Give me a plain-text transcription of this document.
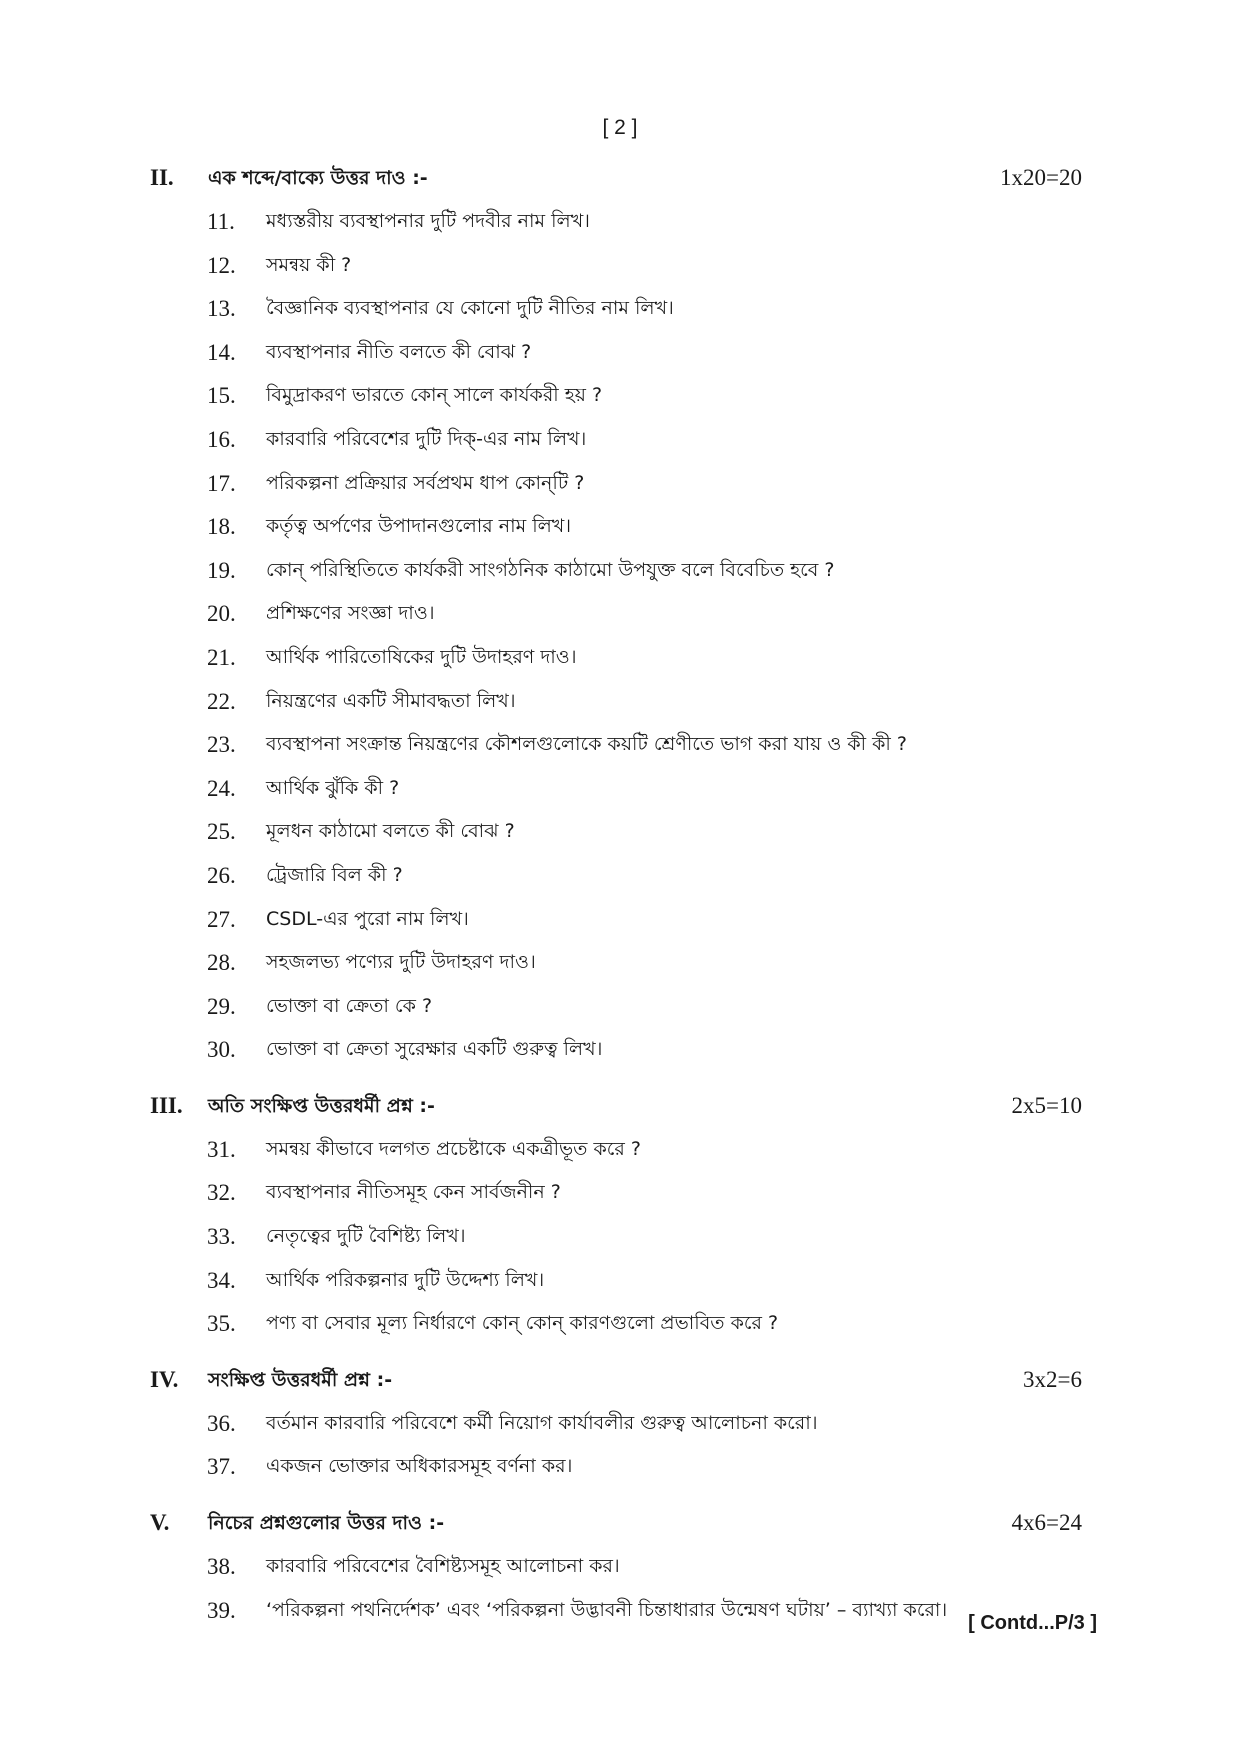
[ 2 ]
II. এক শব্দে/বাক্যে উত্তর দাও :-	1x20=20
11. মধ্যস্তরীয় ব্যবস্থাপনার দুটি পদবীর নাম লিখ।
12. সমন্বয় কী ?
13. বৈজ্ঞানিক ব্যবস্থাপনার যে কোনো দুটি নীতির নাম লিখ।
14. ব্যবস্থাপনার নীতি বলতে কী বোঝ ?
15. বিমুদ্রাকরণ ভারতে কোন্ সালে কার্যকরী হয় ?
16. কারবারি পরিবেশের দুটি দিক্-এর নাম লিখ।
17. পরিকল্পনা প্রক্রিয়ার সর্বপ্রথম ধাপ কোন্‌টি ?
18. কর্তৃত্ব অর্পণের উপাদানগুলোর নাম লিখ।
19. কোন্ পরিস্থিতিতে কার্যকরী সাংগঠনিক কাঠামো উপযুক্ত বলে বিবেচিত হবে ?
20. প্রশিক্ষণের সংজ্ঞা দাও।
21. আর্থিক পারিতোষিকের দুটি উদাহরণ দাও।
22. নিয়ন্ত্রণের একটি সীমাবদ্ধতা লিখ।
23. ব্যবস্থাপনা সংক্রান্ত নিয়ন্ত্রণের কৌশলগুলোকে কয়টি শ্রেণীতে ভাগ করা যায় ও কী কী ?
24. আর্থিক ঝুঁকি কী ?
25. মূলধন কাঠামো বলতে কী বোঝ ?
26. ট্রেজারি বিল কী ?
27. CSDL-এর পুরো নাম লিখ।
28. সহজলভ্য পণ্যের দুটি উদাহরণ দাও।
29. ভোক্তা বা ক্রেতা কে ?
30. ভোক্তা বা ক্রেতা সুরেক্ষার একটি গুরুত্ব লিখ।
III. অতি সংক্ষিপ্ত উত্তরধর্মী প্রশ্ন :-	2x5=10
31. সমন্বয় কীভাবে দলগত প্রচেষ্টাকে একত্রীভূত করে ?
32. ব্যবস্থাপনার নীতিসমূহ কেন সার্বজনীন ?
33. নেতৃত্বের দুটি বৈশিষ্ট্য লিখ।
34. আর্থিক পরিকল্পনার দুটি উদ্দেশ্য লিখ।
35. পণ্য বা সেবার মূল্য নির্ধারণে কোন্ কোন্ কারণগুলো প্রভাবিত করে ?
IV. সংক্ষিপ্ত উত্তরধর্মী প্রশ্ন :-	3x2=6
36. বর্তমান কারবারি পরিবেশে কর্মী নিয়োগ কার্যাবলীর গুরুত্ব আলোচনা করো।
37. একজন ভোক্তার অধিকারসমূহ বর্ণনা কর।
V. নিচের প্রশ্নগুলোর উত্তর দাও :-	4x6=24
38. কারবারি পরিবেশের বৈশিষ্ট্যসমূহ আলোচনা কর।
39. ‘পরিকল্পনা পথনির্দেশক’ এবং ‘পরিকল্পনা উদ্ভাবনী চিন্তাধারার উন্মেষণ ঘটায়’ – ব্যাখ্যা করো।
[ Contd...P/3 ]
